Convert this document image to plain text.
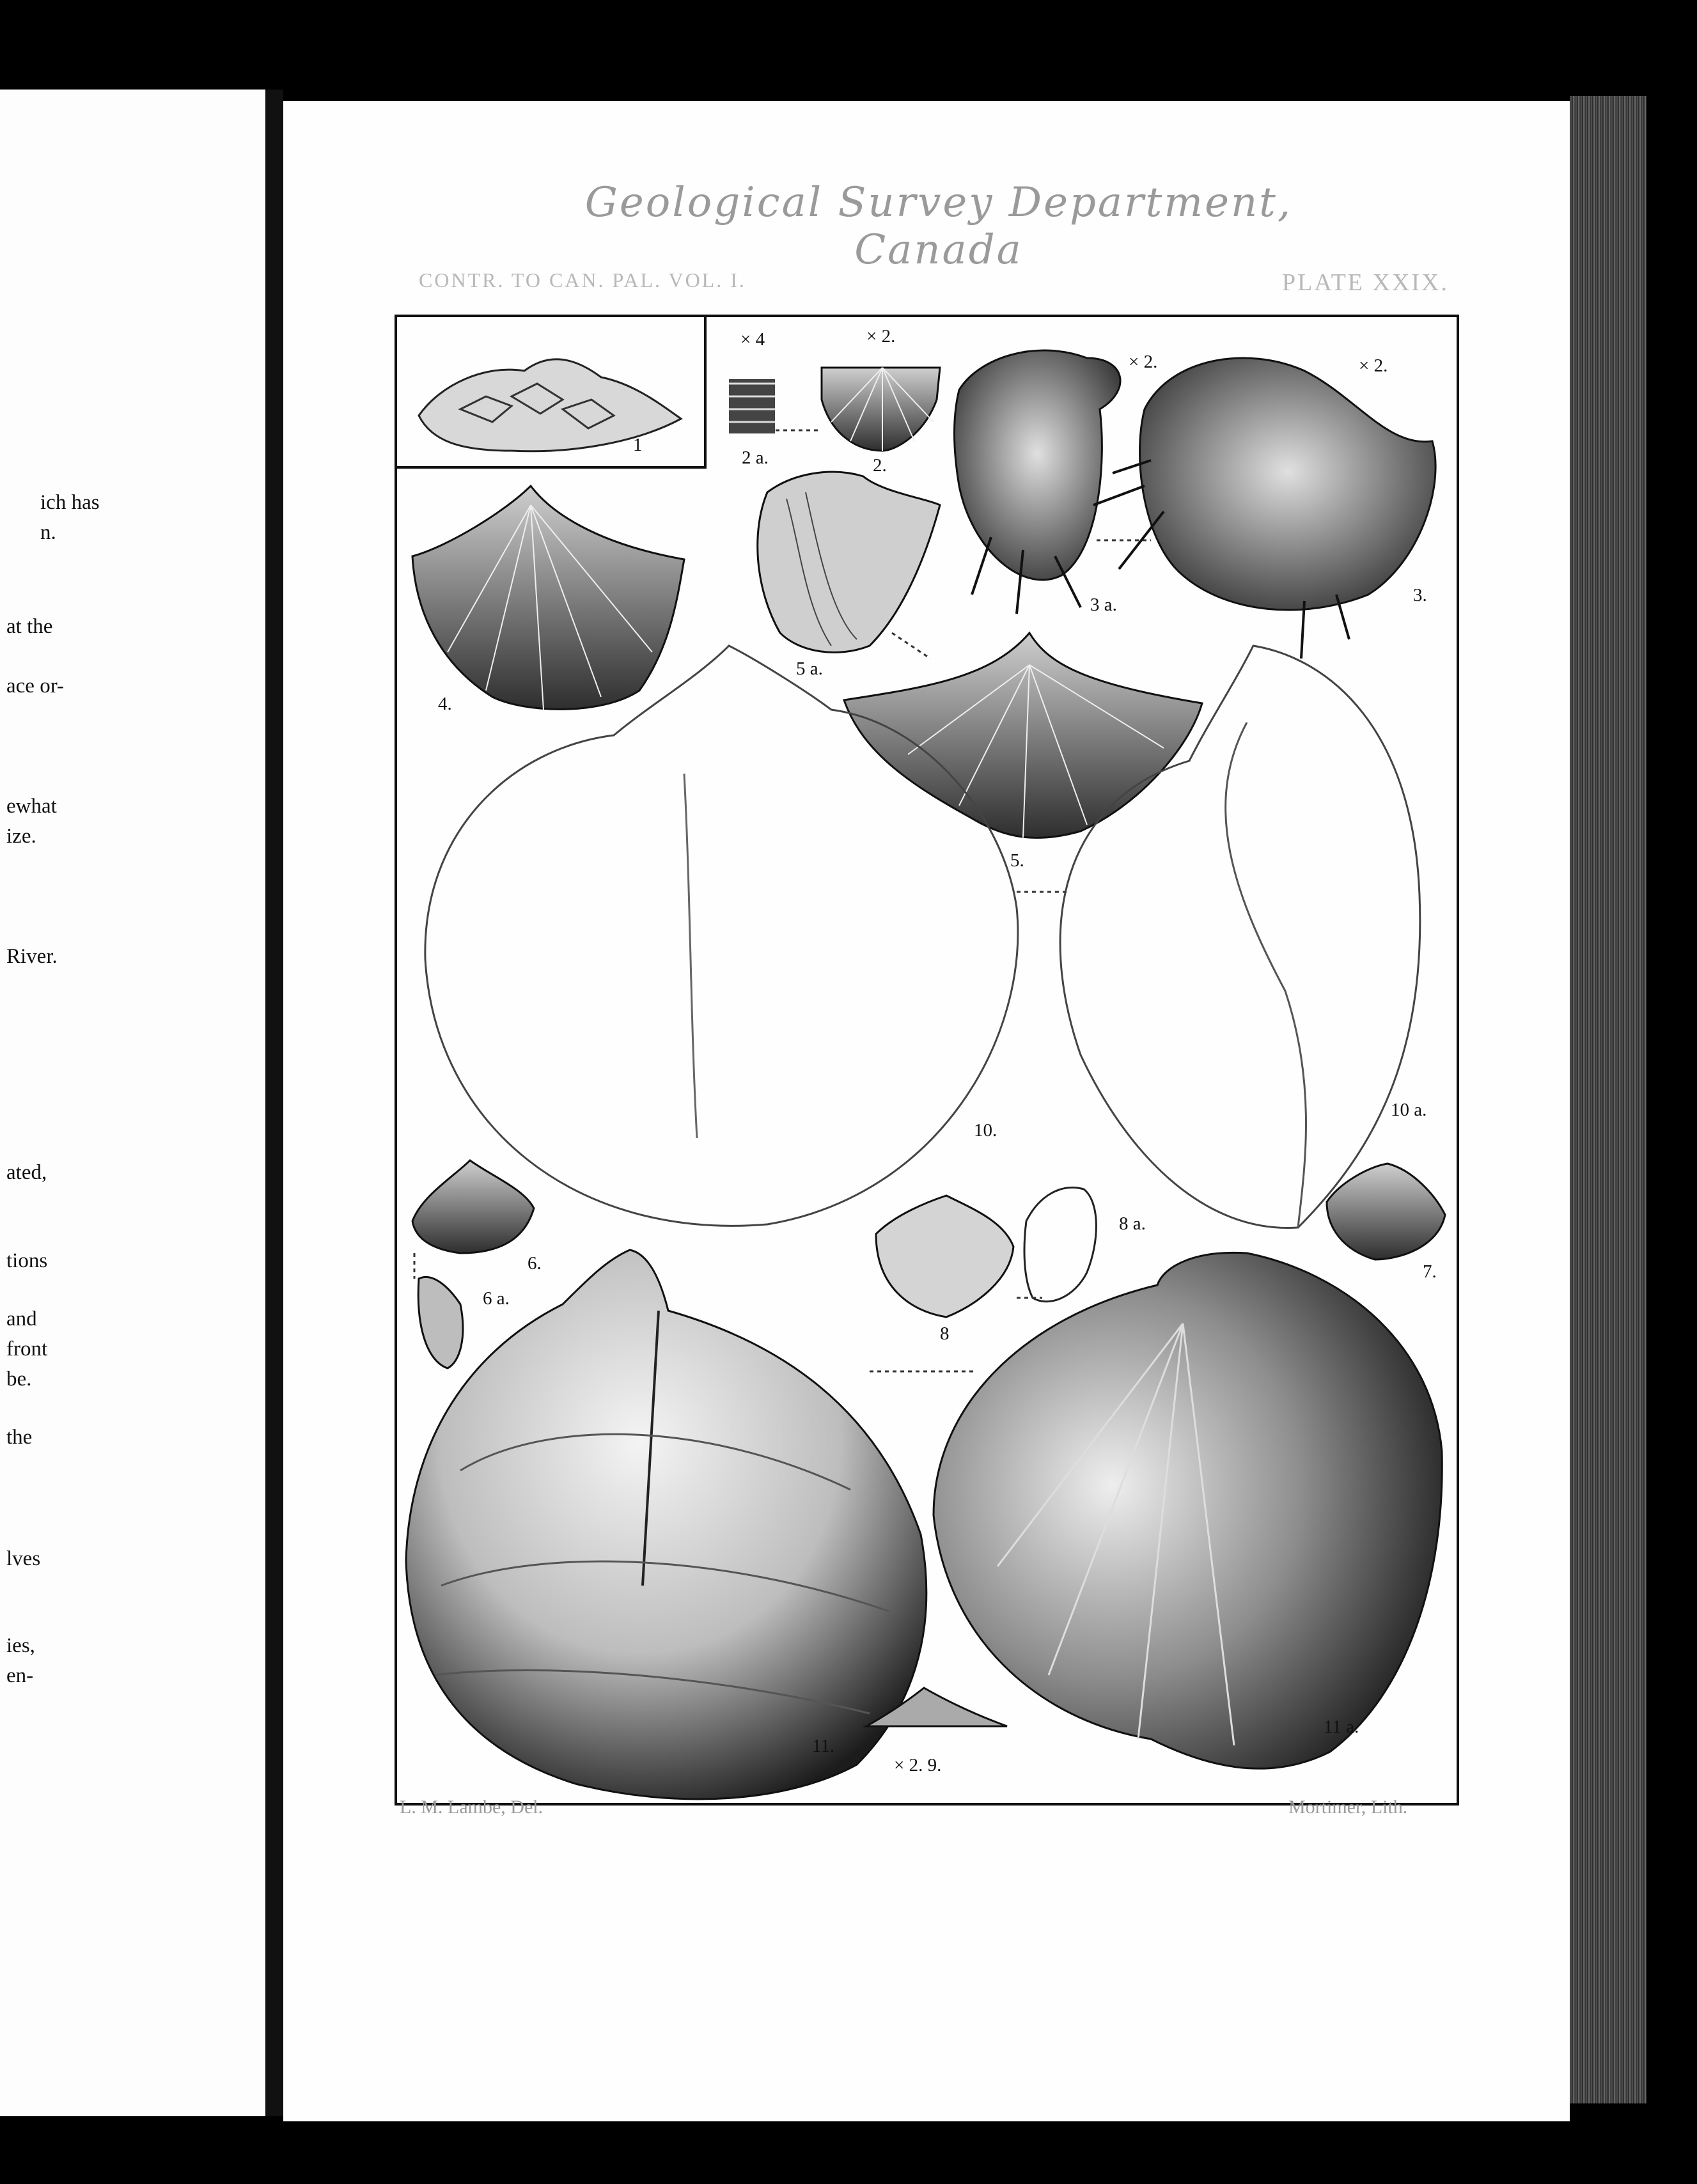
ich has
n.
at the
ace or-
ewhat
ize.
River.
ated,
tions
and
front
be.
the
lves
ies,
en-
Geological Survey Department, Canada
CONTR. TO CAN. PAL. VOL. I.	PLATE XXIX.
1
× 4	× 2.
2 a.	2.
× 2.	× 2.
3 a.	3.
4.
5 a.
5.
10.
10 a.
6.
6 a.
8
8 a.
7.
11.
× 2. 9.
11 a.
L. M. Lambe, Del.	Mortimer, Lith.
